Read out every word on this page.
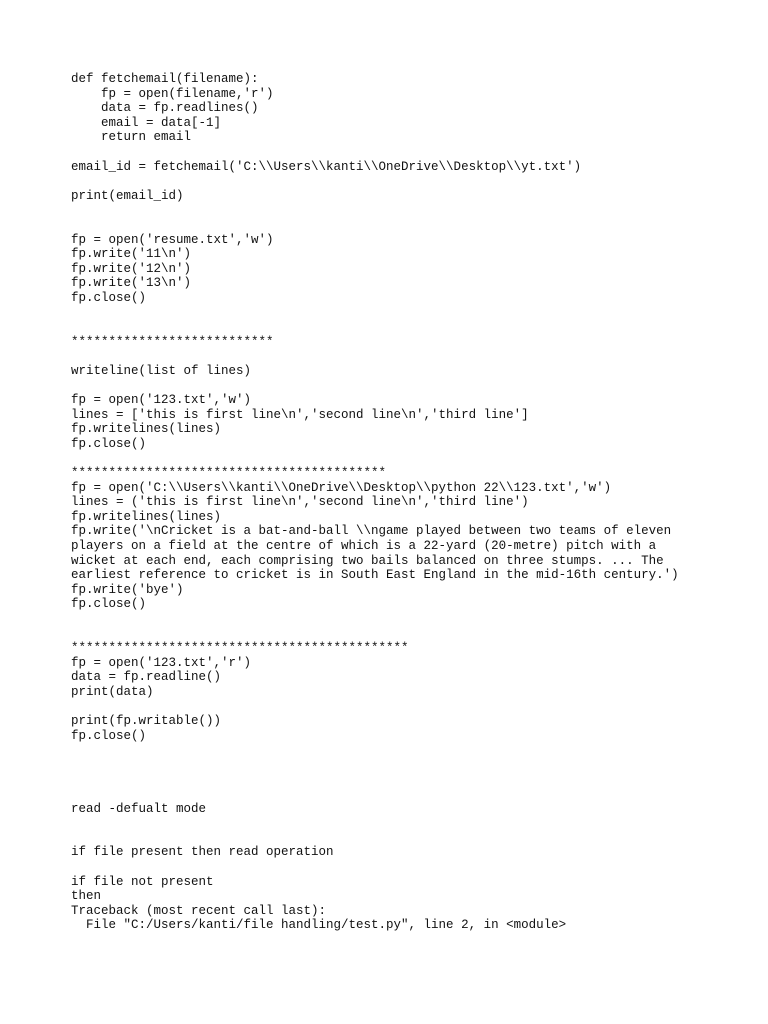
def fetchemail(filename):
fp = open(filename,'r')
data = fp.readlines()
email = data[-1]
return email
email_id = fetchemail('C:\\Users\\kanti\\OneDrive\\Desktop\\yt.txt')
print(email_id)
fp = open('resume.txt','w')
fp.write('11\n')
fp.write('12\n')
fp.write('13\n')
fp.close()
***************************
writeline(list of lines)
fp = open('123.txt','w')
lines = ['this is first line\n','second line\n','third line']
fp.writelines(lines)
fp.close()
******************************************
fp = open('C:\\Users\\kanti\\OneDrive\\Desktop\\python 22\\123.txt','w')
lines = ('this is first line\n','second line\n','third line')
fp.writelines(lines)
fp.write('\nCricket is a bat-and-ball \\ngame played between two teams of eleven
players on a field at the centre of which is a 22-yard (20-metre) pitch with a
wicket at each end, each comprising two bails balanced on three stumps. ... The
earliest reference to cricket is in South East England in the mid-16th century.')
fp.write('bye')
fp.close()
*********************************************
fp = open('123.txt','r')
data = fp.readline()
print(data)
print(fp.writable())
fp.close()
read -defualt mode
if file present then read operation
if file not present
then
Traceback (most recent call last):
File "C:/Users/kanti/file handling/test.py", line 2, in <module>
